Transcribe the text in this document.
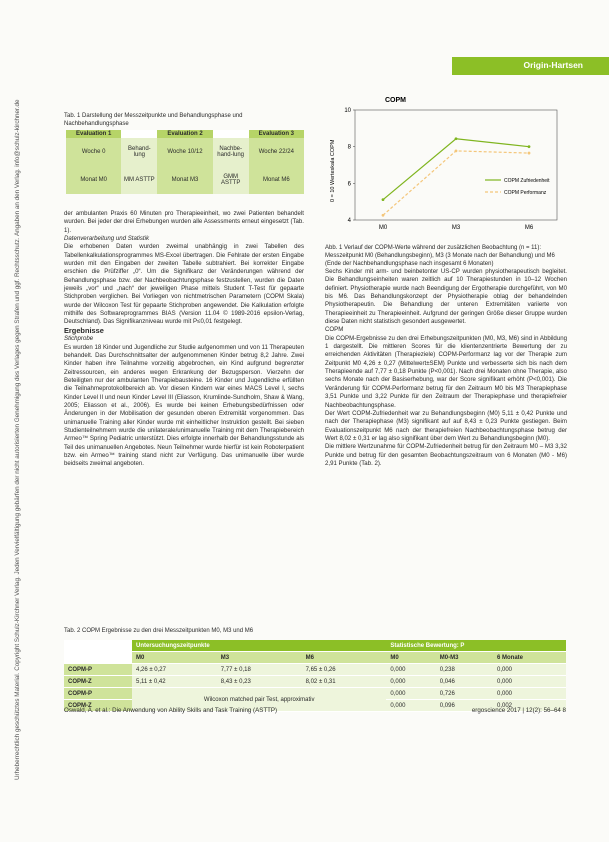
Urheberrechtlich geschütztes Material. Copyright Schulz-Kirchner Verlag. Jeden Vervielfältigung gebärfen der nicht autorisierten Genehmigung des Verlages gegen Strafen und ggf. Rechtsschutz. Angaben an den Verlag. info@schulz-kirchner.de
Origin-Hartsen
Tab. 1 Darstellung der Messzeitpunkte und Behandlungsphase und Nachbehandlungsphase
Evaluation 1		Evaluation 2		Evaluation 3
Woche 0	Behand-lung	Woche 10/12	Nachbe-hand-lung	Woche 22/24
Monat M0	MM ASTTP	Monat M3	GMM ASTTP	Monat M6

der ambulanten Praxis 60 Minuten pro Therapieeinheit, wo zwei Patienten behandelt wurden. Bei jeder der drei Erhebungen wurden alle Assessments erneut eingesetzt (Tab. 1).

Datenverarbeitung und Statistik

Die erhobenen Daten wurden zweimal unabhängig in zwei Tabellen des Tabellenkalkulationsprogrammes MS-Excel übertragen. Die Fehlrate der ersten Eingabe wurden mit den Eingaben der zweiten Tabelle subtrahiert. Bei korrekter Eingabe erschien die Prüfziffer „0“. Um die Signifikanz der Veränderungen während der Behandlungsphase bzw. der Nachbeobachtungsphase festzustellen, wurden die Daten jeweils „vor“ und „nach“ der jeweiligen Phase mittels Student T-Test für gepaarte Stichproben verglichen. Bei Vorliegen von nichtmetrischen Parametern (COPM Skala) wurde der Wilcoxon Test für gepaarte Stichproben angewendet. Die Kalkulation erfolgte mithilfe des Softwareprogrammes BIAS (Version 11.04 © 1989-2016 epsilon-Verlag, Deutschland). Das Signifikanzniveau wurde mit P≤0,01 festgelegt.

Ergebnisse

Stichprobe

Es wurden 18 Kinder und Jugendliche zur Studie aufgenommen und von 11 Therapeuten behandelt. Das Durchschnittsalter der aufgenommenen Kinder betrug 8,2 Jahre. Zwei Kinder haben ihre Teilnahme vorzeitig abgebrochen, ein Kind aufgrund begrenzter Zeitressourcen, ein anderes wegen Erkrankung der Bezugsperson. Vierzehn der Beteiligten nur der ambulanten Therapiebausteine. 16 Kinder und Jugendliche erfüllten die Teilnahmeprotokollbereich ab. Vor diesen Kindern war eines MACS Level I, sechs Kinder Level II und neun Kinder Level III (Eliasson, Krumlinde-Sundholm, Shaw & Wang, 2005; Eliasson et al., 2006). Es wurde bei keinen Erhebungsbedürfnissen oder Änderungen in der Mobilisation der gesunden oberen Extremität vorgenommen. Das unimanuelle Training aller Kinder wurde mit einheitlicher Instruktion gestellt. Bei sieben Studienteilnehmern wurde die unilaterale/unimanuelle Training mit dem Therapiebereich Armeo™ Spring Pediatric unterstützt. Dies erfolgte innerhalb der Behandlungsstunde als Teil des unimanuellen Angebotes. Neun Teilnehmer wurde hierfür ist kein Roboterpatient bzw. ein Armeo™ training stand nicht zur Verfügung. Das unimanuelle über wurde beidseits zweimal angeboten.

COPM
0 = 10 Werteskala COPM
4
6
8
10
M0	M3	M6
COPM Zufriedenheit
COPM Performanz
Abb. 1 Verlauf der COPM-Werte während der zusätzlichen Beobachtung (n = 11): Messzeitpunkt M0 (Behandlungsbeginn), M3 (3 Monate nach der Behandlung) und M6 (Ende der Nachbehandlungsphase nach insgesamt 6 Monaten)

Sechs Kinder mit arm- und beinbetonter US-CP wurden physiotherapeutisch begleitet. Die Behandlungseinheiten waren zeitlich auf 10 Therapiestunden in 10–12 Wochen definiert. Physiotherapie wurde nach Beendigung der Ergotherapie durchgeführt, von M0 bis M6. Das Behandlungskonzept der Physiotherapie oblag der behandelnden Physiotherapeutin. Die Behandlung der unteren Extremitäten variierte von Therapieeinheit zu Therapieeinheit. Aufgrund der geringen Größe dieser Gruppe wurden diese Daten nicht statistisch gesondert ausgewertet.

COPM

Die COPM-Ergebnisse zu den drei Erhebungszeitpunkten (M0, M3, M6) sind in Abbildung 1 dargestellt. Die mittleren Scores für die klientenzentrierte Bewertung der zu erreichenden Aktivitäten (Therapieziele) COPM-Performanz lag vor der Therapie zum Zeitpunkt M0 4,26 ± 0,27 (Mittelwert±SEM) Punkte und verbesserte sich bis nach dem Therapieende auf 7,77 ± 0,18 Punkte (P<0,001). Nach drei Monaten ohne Therapie, also sechs Monate nach der Basiserhebung, war der Score signifikant erhöht (P<0,001). Die Veränderung für COPM-Performanz betrug für den Zeitraum M0 bis M3 Therapiephase 3,51 Punkte und 3,22 Punkte für den Zeitraum der Therapiephase und therapiefreier Nachbeobachtungsphase.

Der Wert COPM-Zufriedenheit war zu Behandlungsbeginn (M0) 5,11 ± 0,42 Punkte und nach der Therapiephase (M3) signifikant auf auf 8,43 ± 0,23 Punkte gestiegen. Beim Evaluationszeitpunkt M6 nach der therapiefreien Nachbeobachtungsphase betrug der Wert 8,02 ± 0,31 er lag also signifikant über dem Wert zu Behandlungsbeginn (M0).

Die mittlere Wertzunahme für COPM-Zufriedenheit betrug für den Zeitraum M0 – M3 3,32 Punkte und betrug für den gesamten Beobachtungszeitraum von 6 Monaten (M0 - M6) 2,91 Punkte (Tab. 2).

Tab. 2 COPM Ergebnisse zu den drei Messzeitpunkten M0, M3 und M6
	Untersuchungszeitpunkte			Statistische Bewertung: P		
	M0	M3	M6	M0	M0-M3	6 Monate
COPM-P	4,26 ± 0,27	7,77 ± 0,18	7,65 ± 0,26	0,000	0,238	0,000
COPM-Z	5,11 ± 0,42	8,43 ± 0,23	8,02 ± 0,31	0,000	0,046	0,000
COPM-P	Wilcoxon matched pair Test, approximativ			0,000	0,726	0,000
COPM-Z				0,000	0,096	0,002
Oswald, A. et al.: Die Anwendung von Ability Skills and Task Training (ASTTP)	ergoscience 2017 | 12(2): 56–64 8
